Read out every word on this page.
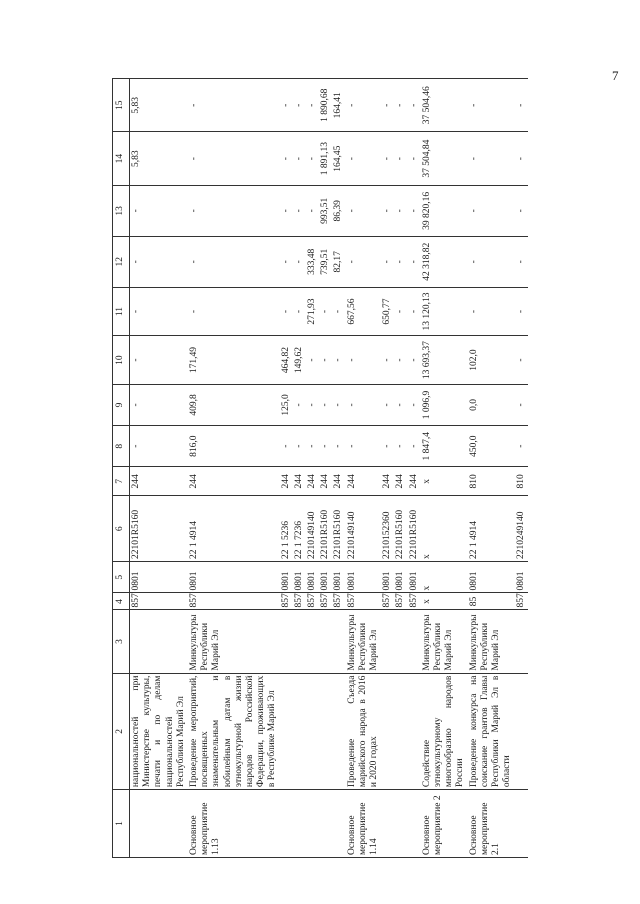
7
1	2	3	4	5	6	7	8	9	10	11	12	13	14	15
	национальностей при Министерстве культуры, печати и по делам национальностей Республики Марий Эл		857	0801	22101R5160	244	-	-	-	-	-	-	5,83	5,83
Основное мероприятие 1.13	Проведение мероприятий, посвященных знаменательным и юбилейным датам в этнокультурной жизни народов Российской Федерации, проживающих в Республике Марий Эл	Минкультуры Республики Марий Эл	857	0801	22 1 4914	244	816,0	409,8	171,49	-	-	-	-	-
			857	0801	22 1 5236	244	-	125,0	464,82	-	-	-	-	-
			857	0801	22 1 7236	244	-	-	149,62	-	-	-	-	-
			857	0801	2210149140	244	-	-	-	271,93	333,48	-	-	-
			857	0801	22101R5160	244	-	-	-	-	739,51	993,51	1 891,13	1 890,68
			857	0801	22101R5160	244	-	-	-	-	82,17	86,39	164,45	164,41
Основное мероприятие 1.14	Проведение Съезда марийского народа в 2016 и 2020 годах	Минкультуры Республики Марий Эл	857	0801	2210149140	244	-	-	-	667,56	-	-	-	-
			857	0801	2210152360	244	-	-	-	650,77	-	-	-	-
			857	0801	22101R5160	244	-	-	-	-	-	-	-	-
			857	0801	22101R5160	244	-	-	-	-	-	-	-	-
Основное мероприятие 2	Содействие этнокультурному многообразию народов России	Минкультуры Республики Марий Эл	x	x	x	x	1 847,4	1 096,9	13 693,37	13 120,13	42 318,82	39 820,16	37 504,84	37 504,46
Основное мероприятие 2.1	Проведение конкурса на соискание грантов Главы Республики Марий Эл в области	Минкультуры Республики Марий Эл	85	0801	22 1 4914	810	450,0	0,0	102,0	-	-	-	-	-
			857	0801	2210249140	810	-	-	-	-	-	-	-	-
